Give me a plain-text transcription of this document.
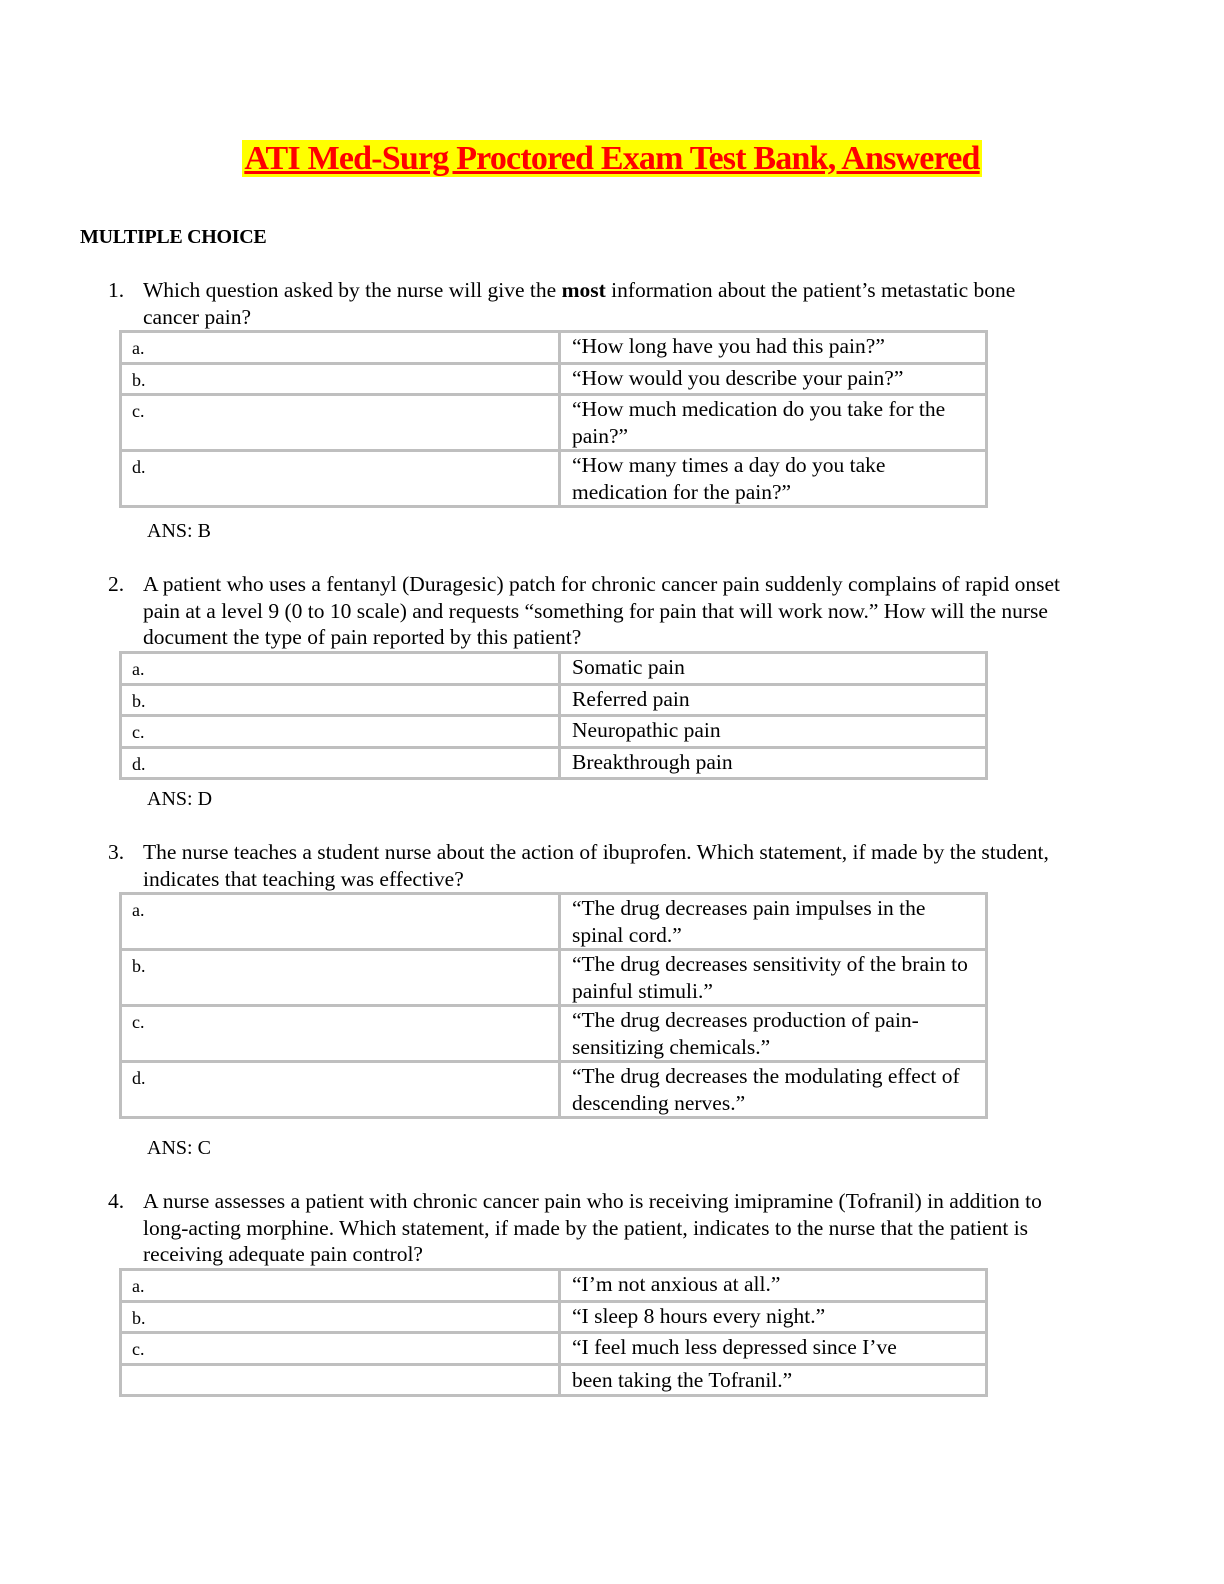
ATI Med-Surg Proctored Exam Test Bank, Answered
MULTIPLE CHOICE
1. Which question asked by the nurse will give the most information about the patient’s metastatic bone cancer pain?
a.	“How long have you had this pain?”
b.	“How would you describe your pain?”
c.	“How much medication do you take for the pain?”
d.	“How many times a day do you take medication for the pain?”
ANS: B
2. A patient who uses a fentanyl (Duragesic) patch for chronic cancer pain suddenly complains of rapid onset pain at a level 9 (0 to 10 scale) and requests “something for pain that will work now.” How will the nurse document the type of pain reported by this patient?
a.	Somatic pain
b.	Referred pain
c.	Neuropathic pain
d.	Breakthrough pain
ANS: D
3. The nurse teaches a student nurse about the action of ibuprofen. Which statement, if made by the student, indicates that teaching was effective?
a.	“The drug decreases pain impulses in the spinal cord.”
b.	“The drug decreases sensitivity of the brain to painful stimuli.”
c.	“The drug decreases production of pain-sensitizing chemicals.”
d.	“The drug decreases the modulating effect of descending nerves.”
ANS: C
4. A nurse assesses a patient with chronic cancer pain who is receiving imipramine (Tofranil) in addition to long-acting morphine. Which statement, if made by the patient, indicates to the nurse that the patient is receiving adequate pain control?
a.	“I’m not anxious at all.”
b.	“I sleep 8 hours every night.”
c.	“I feel much less depressed since I’ve
	been taking the Tofranil.”
